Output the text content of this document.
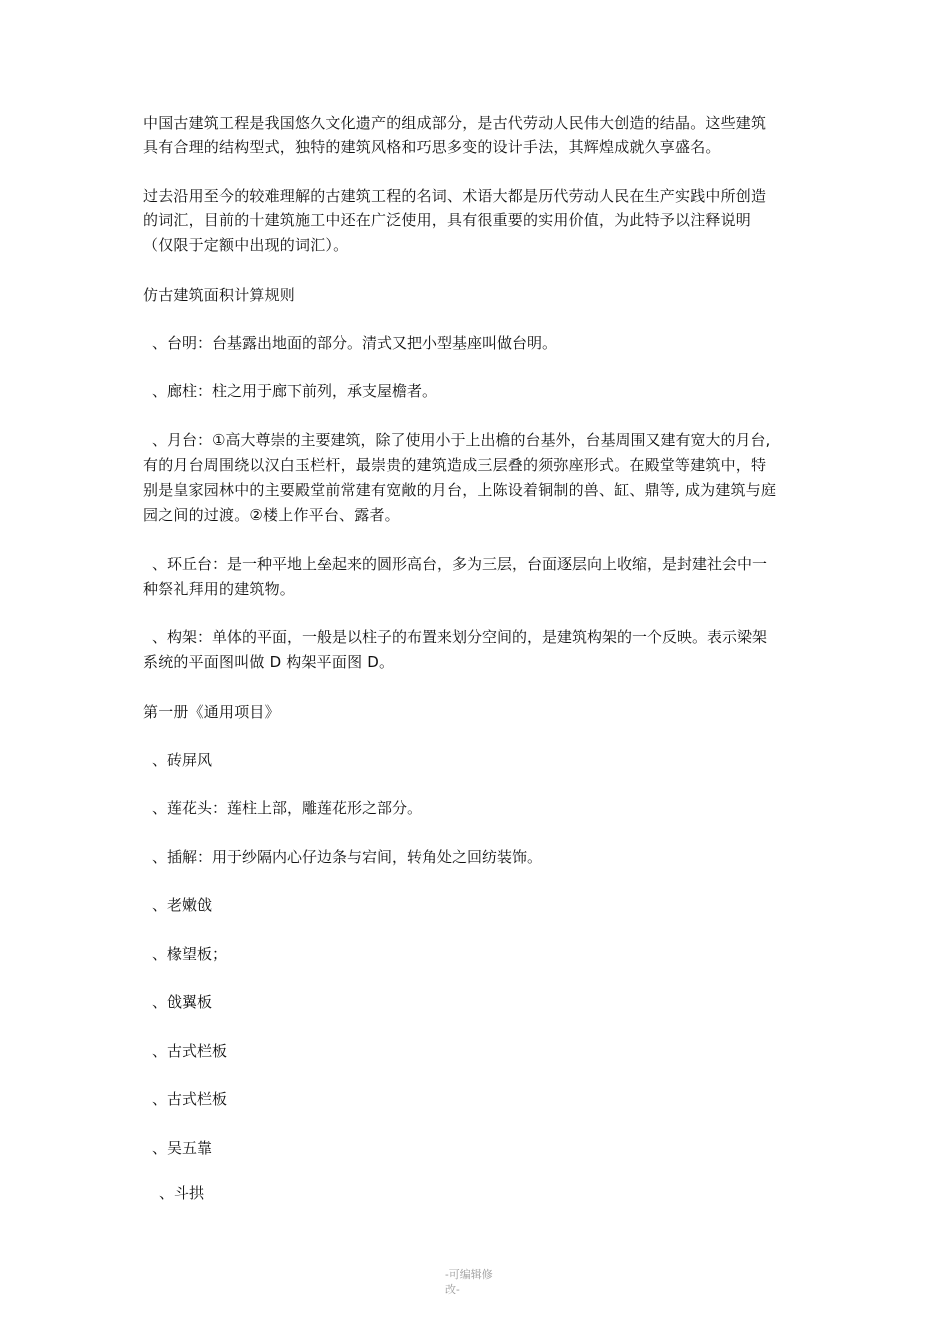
中国古建筑工程是我国悠久文化遗产的组成部分，是古代劳动人民伟大创造的结晶。这些建筑
具有合理的结构型式，独特的建筑风格和巧思多变的设计手法，其辉煌成就久享盛名。
过去沿用至今的较难理解的古建筑工程的名词、术语大都是历代劳动人民在生产实践中所创造
的词汇，目前的十建筑施工中还在广泛使用，具有很重要的实用价值，为此特予以注释说明
（仅限于定额中出现的词汇）。
仿古建筑面积计算规则
、台明：台基露出地面的部分。清式又把小型基座叫做台明。
、廊柱：柱之用于廊下前列，承支屋檐者。
、月台：①高大尊崇的主要建筑，除了使用小于上出檐的台基外，台基周围又建有宽大的月台,
有的月台周围绕以汉白玉栏杆，最崇贵的建筑造成三层叠的须弥座形式。在殿堂等建筑中，特
别是皇家园林中的主要殿堂前常建有宽敞的月台，上陈设着铜制的兽、缸、鼎等, 成为建筑与庭
园之间的过渡。②楼上作平台、露者。
、环丘台：是一种平地上垒起来的圆形高台，多为三层，台面逐层向上收缩，是封建社会中一
种祭礼拜用的建筑物。
、构架：单体的平面，一般是以柱子的布置来划分空间的，是建筑构架的一个反映。表示梁架
系统的平面图叫做 D 构架平面图 D。
第一册《通用项目》
、砖屏风
、莲花头：莲柱上部，雕莲花形之部分。
、插解：用于纱隔内心仔边条与宕间，转角处之回纺装饰。
、老嫩戗
、椽望板；
、戗翼板
、古式栏板
、古式栏板
、吴五靠
、斗拱
-可编辑修
改-
